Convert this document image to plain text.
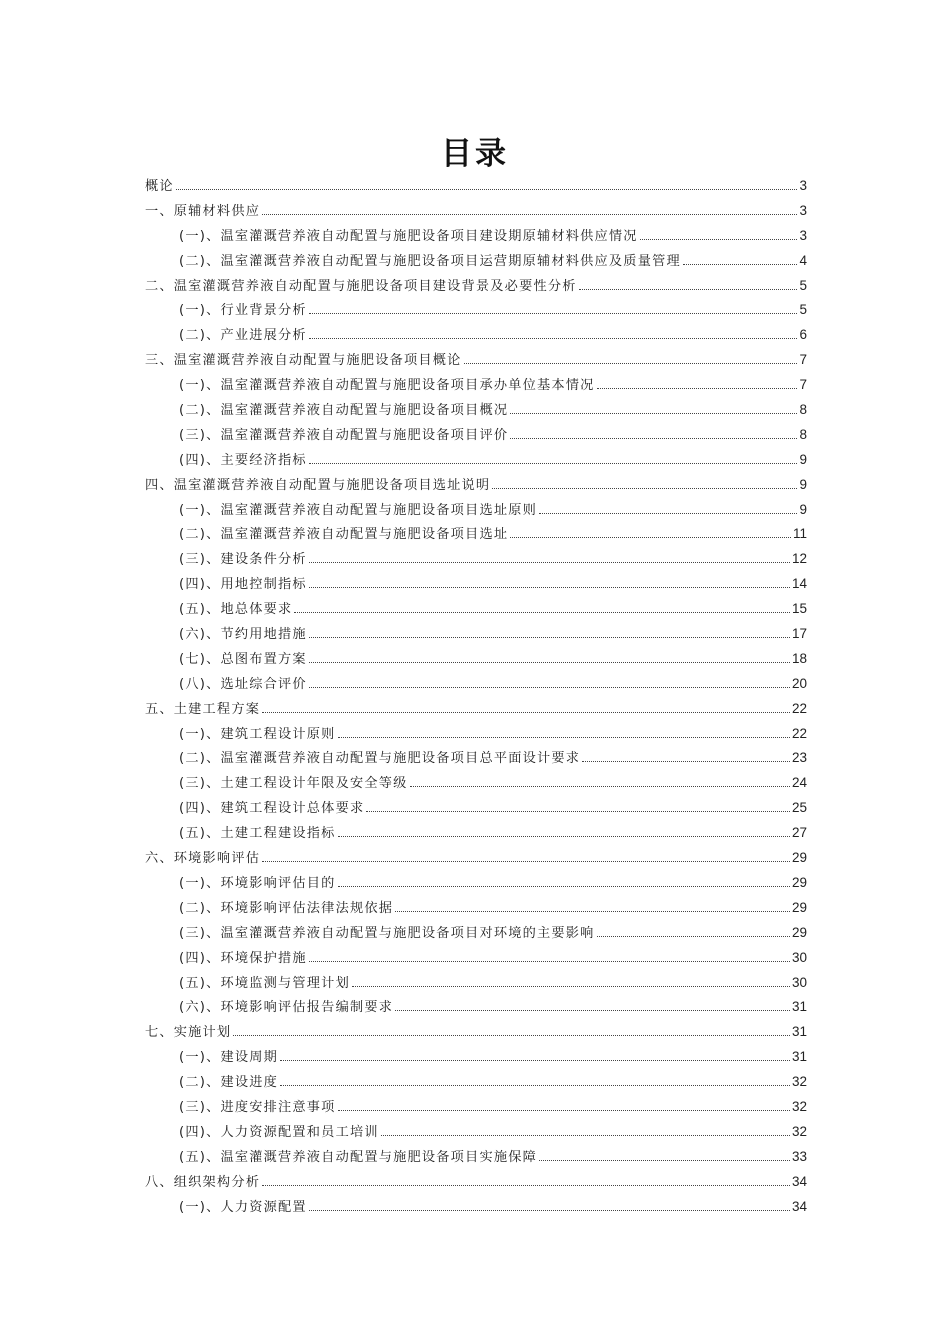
目录
概论	3
一、原辅材料供应	3
(一)、温室灌溉营养液自动配置与施肥设备项目建设期原辅材料供应情况	3
(二)、温室灌溉营养液自动配置与施肥设备项目运营期原辅材料供应及质量管理	4
二、温室灌溉营养液自动配置与施肥设备项目建设背景及必要性分析	5
(一)、行业背景分析	5
(二)、产业进展分析	6
三、温室灌溉营养液自动配置与施肥设备项目概论	7
(一)、温室灌溉营养液自动配置与施肥设备项目承办单位基本情况	7
(二)、温室灌溉营养液自动配置与施肥设备项目概况	8
(三)、温室灌溉营养液自动配置与施肥设备项目评价	8
(四)、主要经济指标	9
四、温室灌溉营养液自动配置与施肥设备项目选址说明	9
(一)、温室灌溉营养液自动配置与施肥设备项目选址原则	9
(二)、温室灌溉营养液自动配置与施肥设备项目选址	11
(三)、建设条件分析	12
(四)、用地控制指标	14
(五)、地总体要求	15
(六)、节约用地措施	17
(七)、总图布置方案	18
(八)、选址综合评价	20
五、土建工程方案	22
(一)、建筑工程设计原则	22
(二)、温室灌溉营养液自动配置与施肥设备项目总平面设计要求	23
(三)、土建工程设计年限及安全等级	24
(四)、建筑工程设计总体要求	25
(五)、土建工程建设指标	27
六、环境影响评估	29
(一)、环境影响评估目的	29
(二)、环境影响评估法律法规依据	29
(三)、温室灌溉营养液自动配置与施肥设备项目对环境的主要影响	29
(四)、环境保护措施	30
(五)、环境监测与管理计划	30
(六)、环境影响评估报告编制要求	31
七、实施计划	31
(一)、建设周期	31
(二)、建设进度	32
(三)、进度安排注意事项	32
(四)、人力资源配置和员工培训	32
(五)、温室灌溉营养液自动配置与施肥设备项目实施保障	33
八、组织架构分析	34
(一)、人力资源配置	34
